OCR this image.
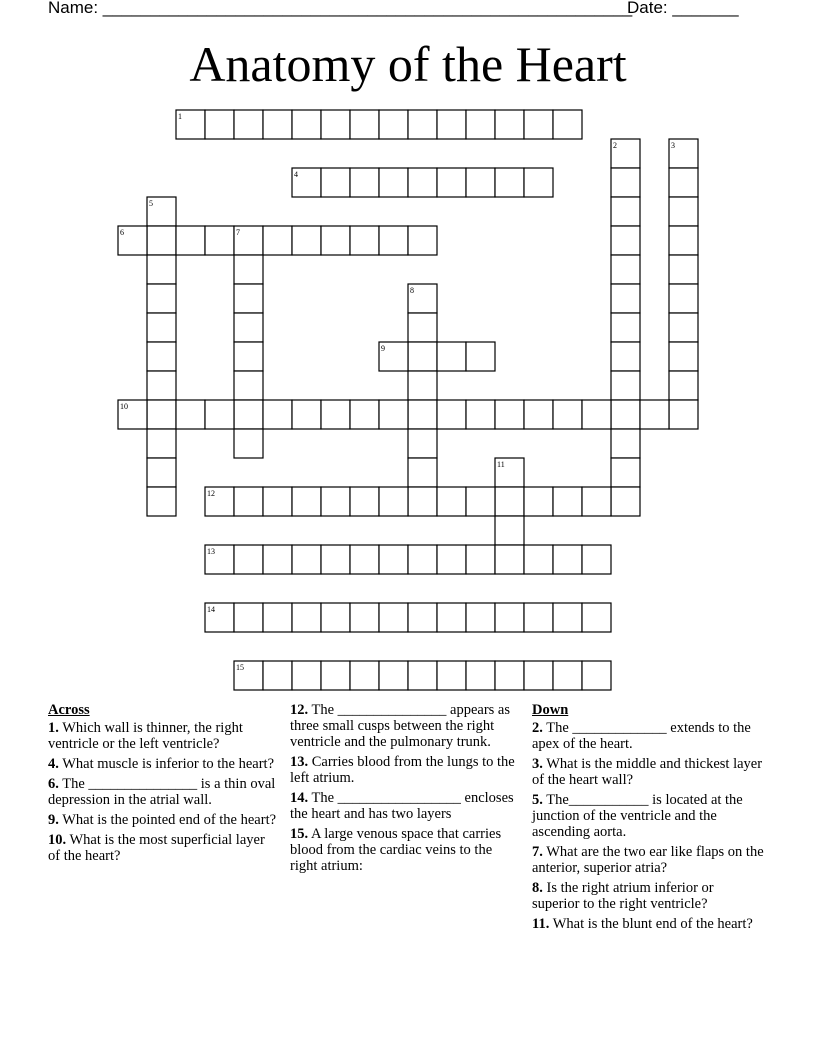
Name: ________________________________________________________
Date: _______
Anatomy of the Heart
1
2	3
4
5
6	7
8
9
10
11
12
13
14
15
Across
1. Which wall is thinner, the right ventricle or the left ventricle?
4. What muscle is inferior to the heart?
6. The _______________ is a thin oval depression in the atrial wall.
9. What is the pointed end of the heart?
10. What is the most superficial layer of the heart?
12. The _______________ appears as three small cusps between the right ventricle and the pulmonary trunk.
13. Carries blood from the lungs to the left atrium.
14. The _________________ encloses the heart and has two layers
15. A large venous space that carries blood from the cardiac veins to the right atrium:
Down
2. The _____________ extends to the apex of the heart.
3. What is the middle and thickest layer of the heart wall?
5. The___________ is located at the junction of the ventricle and the ascending aorta.
7. What are the two ear like flaps on the anterior, superior atria?
8. Is the right atrium inferior or superior to the right ventricle?
11. What is the blunt end of the heart?
